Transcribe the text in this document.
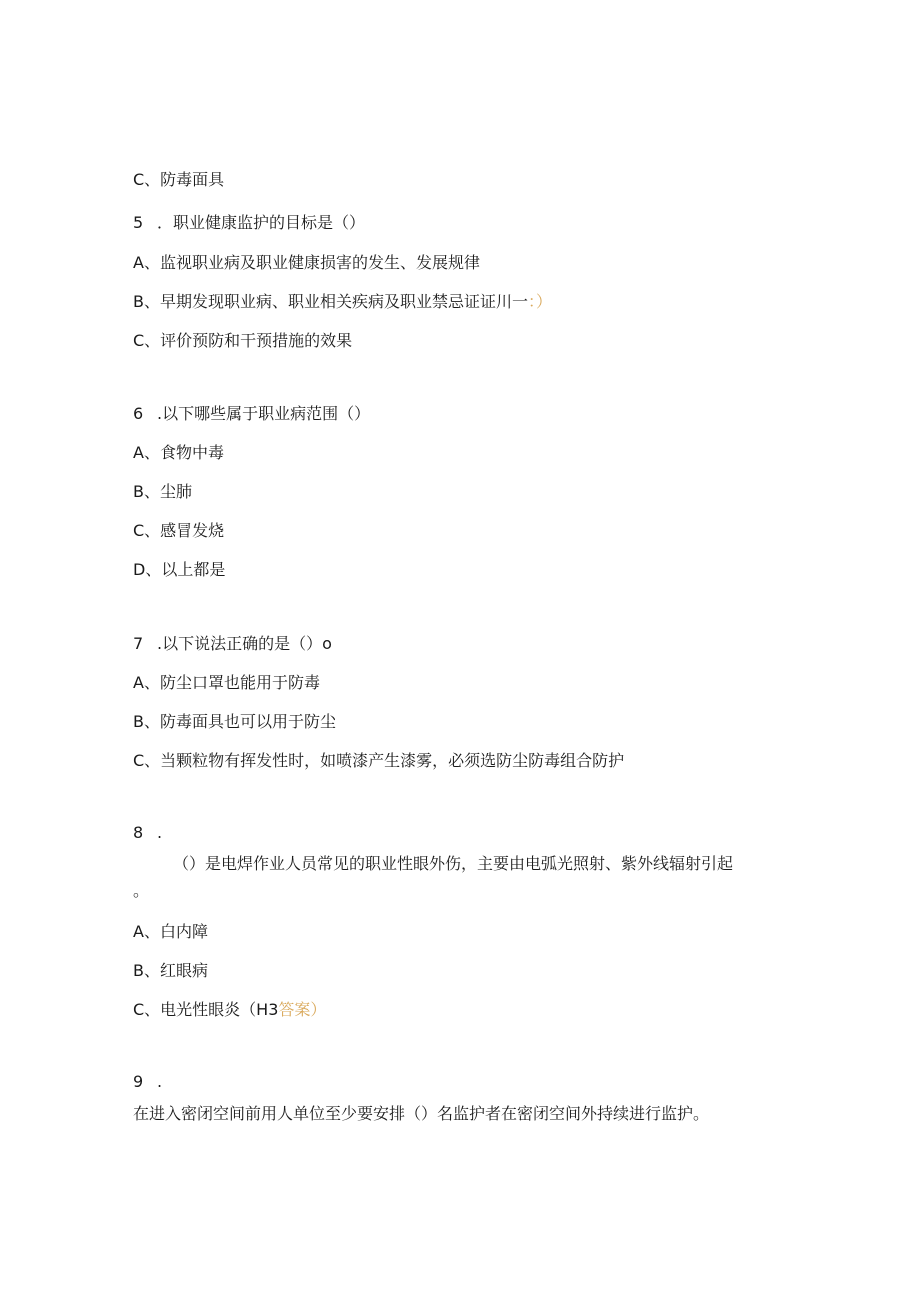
C、防毒面具
5 ．职业健康监护的目标是（）
A、监视职业病及职业健康损害的发生、发展规律
B、早期发现职业病、职业相关疾病及职业禁忌证证川一：）
C、评价预防和干预措施的效果
6 .以下哪些属于职业病范围（）
A、食物中毒
B、尘肺
C、感冒发烧
D、以上都是
7 .以下说法正确的是（）o
A、防尘口罩也能用于防毒
B、防毒面具也可以用于防尘
C、当颗粒物有挥发性时，如喷漆产生漆雾，必须选防尘防毒组合防护
8 .
（）是电焊作业人员常见的职业性眼外伤，主要由电弧光照射、紫外线辐射引起
。
A、白内障
B、红眼病
C、电光性眼炎（H3答案）
9 .
在进入密闭空间前用人单位至少要安排（）名监护者在密闭空间外持续进行监护。
